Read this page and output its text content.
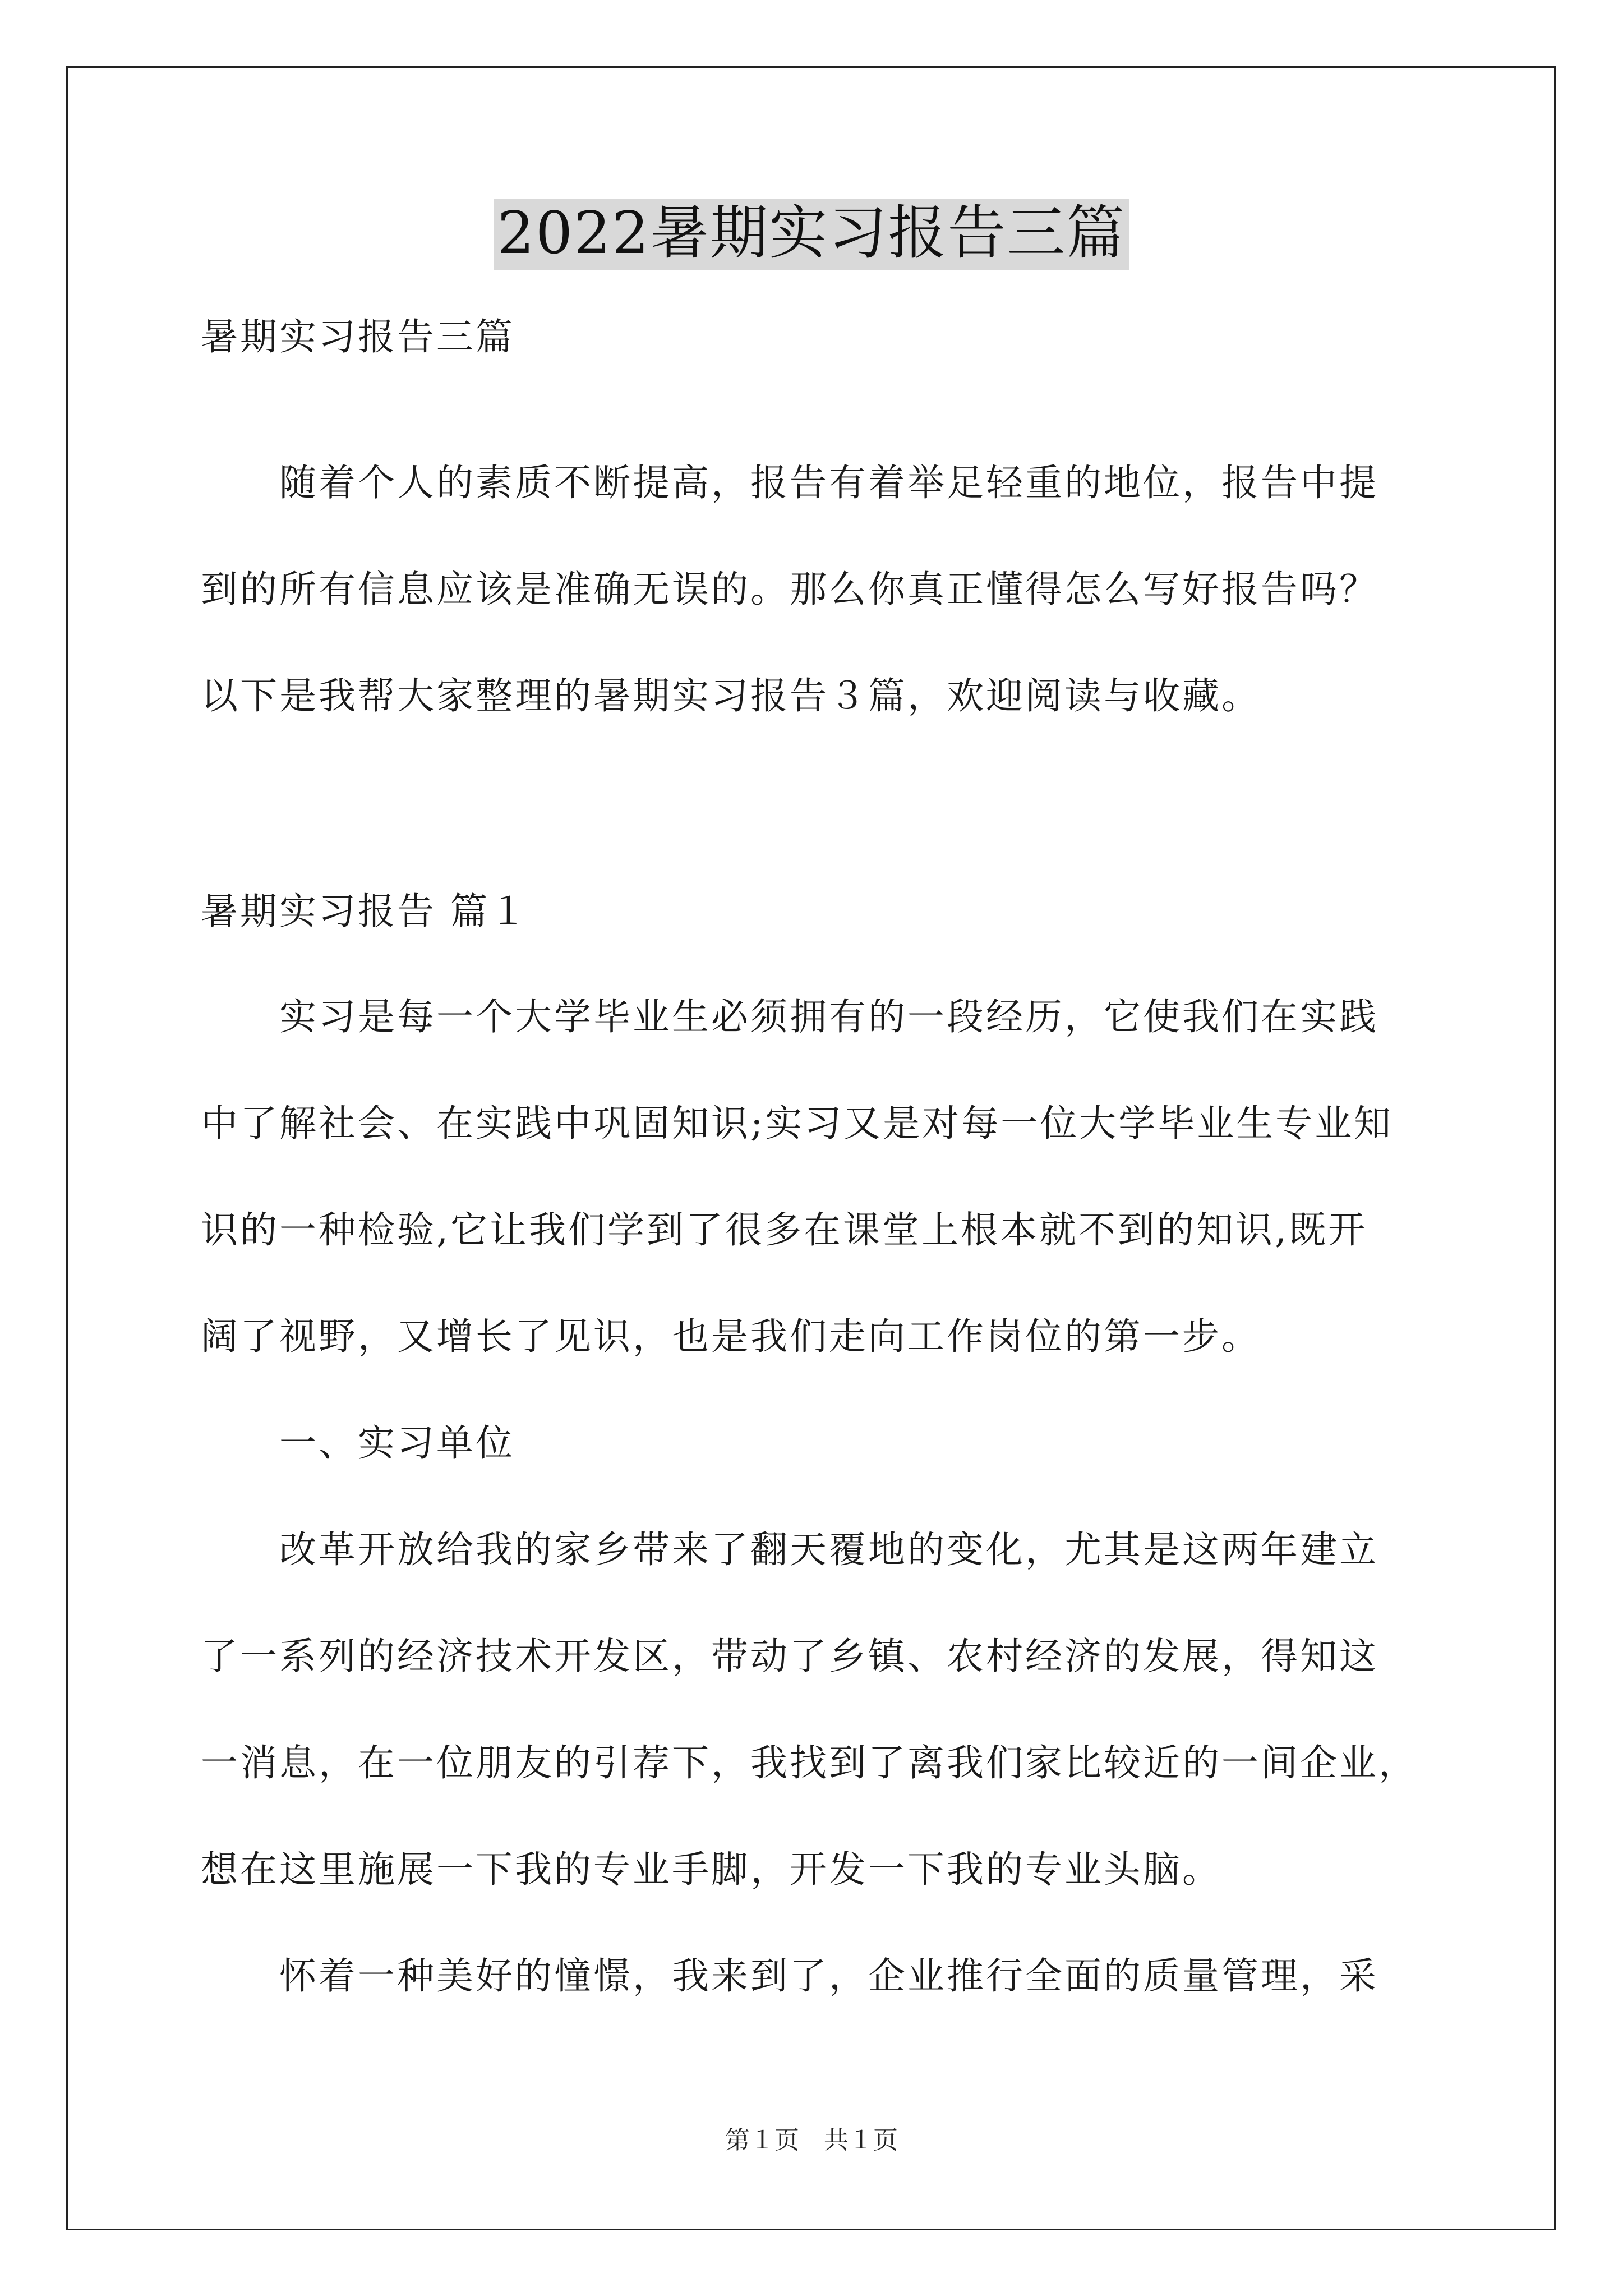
2022暑期实习报告三篇
暑期实习报告三篇
　　随着个人的素质不断提高，报告有着举足轻重的地位，报告中提
到的所有信息应该是准确无误的。那么你真正懂得怎么写好报告吗？
以下是我帮大家整理的暑期实习报告３篇，欢迎阅读与收藏。
暑期实习报告 篇１
　　实习是每一个大学毕业生必须拥有的一段经历，它使我们在实践
中了解社会、在实践中巩固知识;实习又是对每一位大学毕业生专业知
识的一种检验,它让我们学到了很多在课堂上根本就不到的知识,既开
阔了视野，又增长了见识，也是我们走向工作岗位的第一步。
　　一、实习单位
　　改革开放给我的家乡带来了翻天覆地的变化，尤其是这两年建立
了一系列的经济技术开发区，带动了乡镇、农村经济的发展，得知这
一消息，在一位朋友的引荐下，我找到了离我们家比较近的一间企业，
想在这里施展一下我的专业手脚，开发一下我的专业头脑。
　　怀着一种美好的憧憬，我来到了，企业推行全面的质量管理，采
第１页　共１页
